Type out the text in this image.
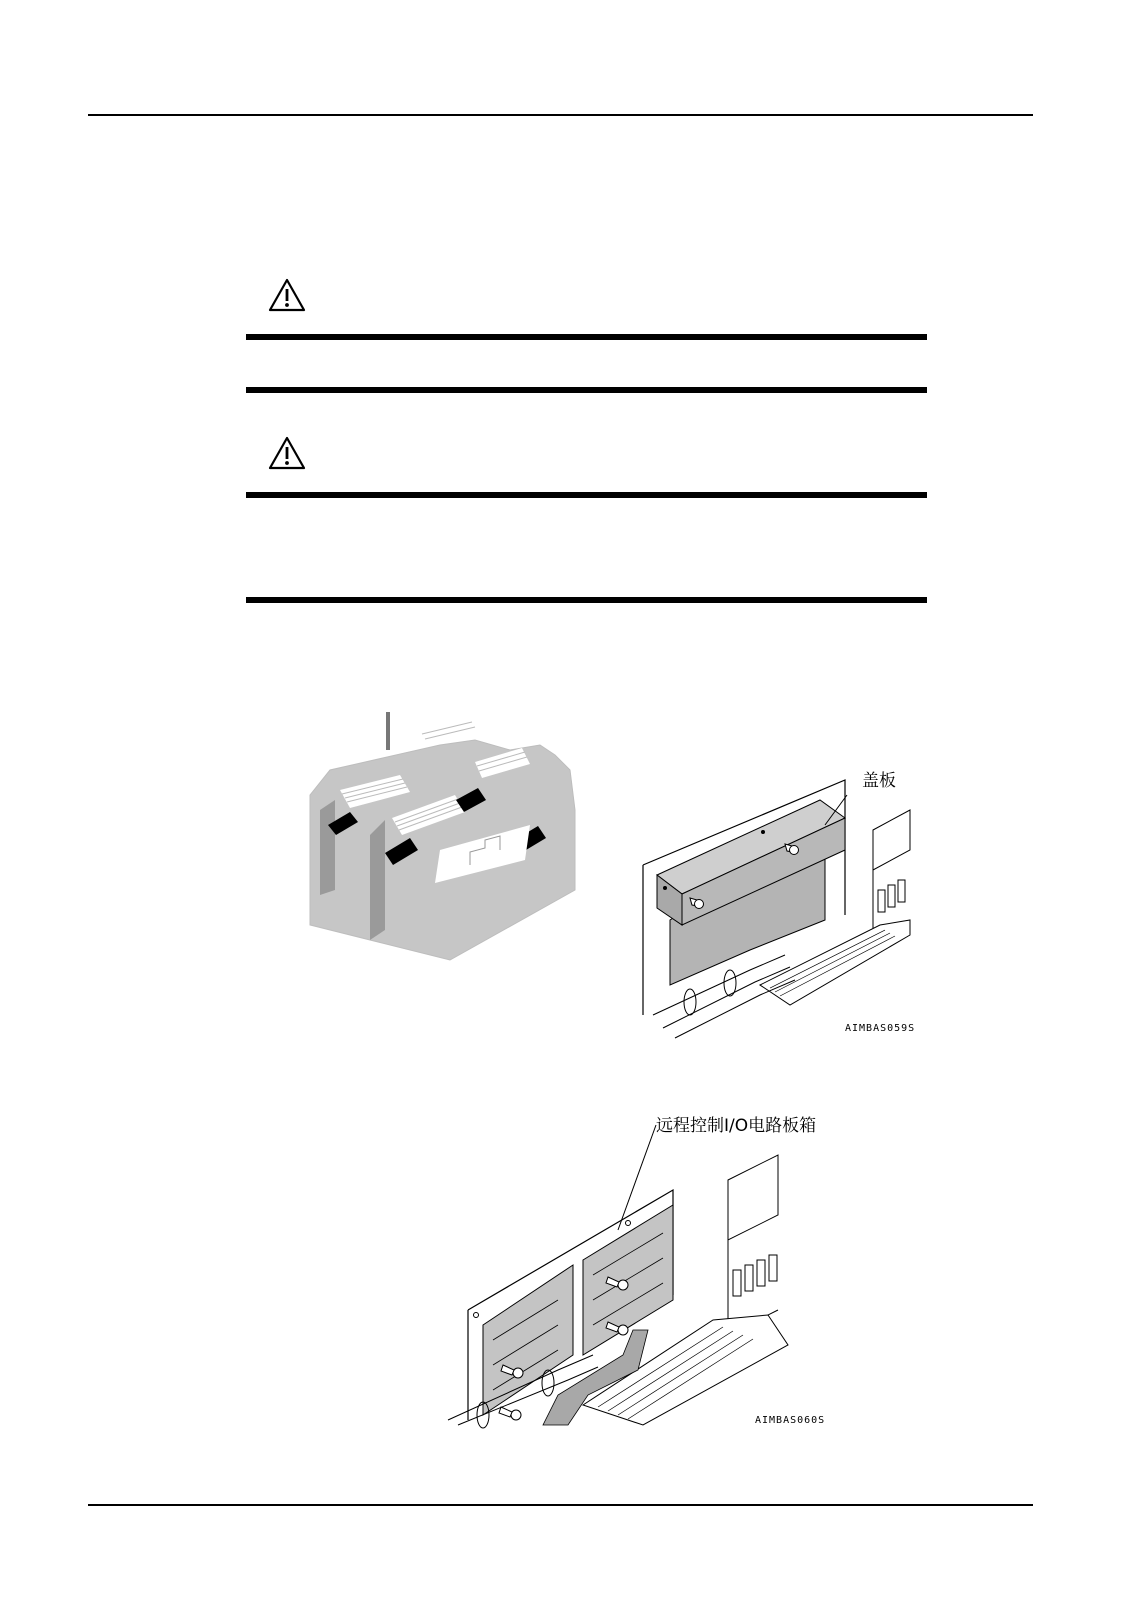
盖板
AIMBAS059S
远程控制I/O电路板箱
AIMBAS060S
